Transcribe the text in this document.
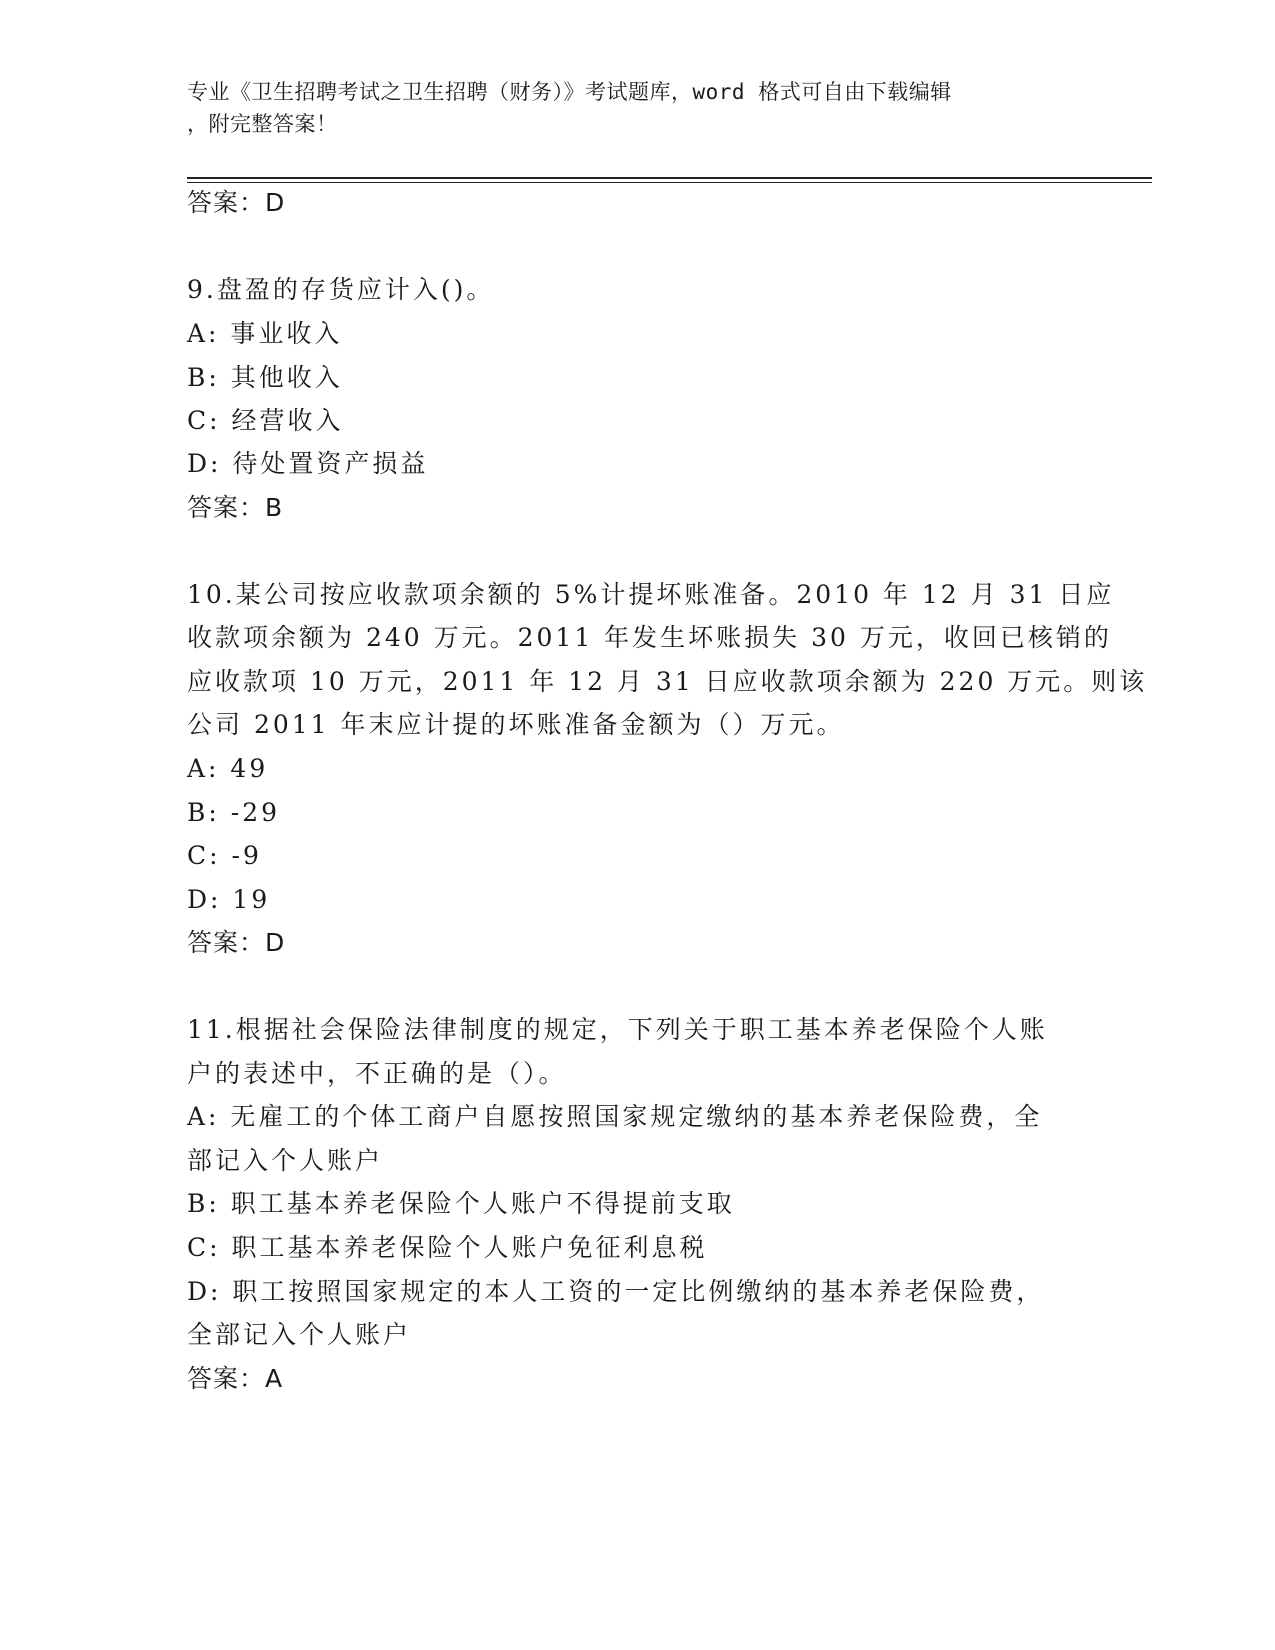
专业《卫生招聘考试之卫生招聘（财务）》考试题库，word 格式可自由下载编辑
，附完整答案！
答案：D
9.盘盈的存货应计入()。
A: 事业收入
B: 其他收入
C: 经营收入
D: 待处置资产损益
答案：B
10.某公司按应收款项余额的 5%计提坏账准备。2010 年 12 月 31 日应
收款项余额为 240 万元。2011 年发生坏账损失 30 万元，收回已核销的
应收款项 10 万元，2011 年 12 月 31 日应收款项余额为 220 万元。则该
公司 2011 年末应计提的坏账准备金额为（）万元。
A: 49
B: -29
C: -9
D: 19
答案：D
11.根据社会保险法律制度的规定，下列关于职工基本养老保险个人账
户的表述中，不正确的是（）。
A: 无雇工的个体工商户自愿按照国家规定缴纳的基本养老保险费，全
部记入个人账户
B: 职工基本养老保险个人账户不得提前支取
C: 职工基本养老保险个人账户免征利息税
D: 职工按照国家规定的本人工资的一定比例缴纳的基本养老保险费，
全部记入个人账户
答案：A
